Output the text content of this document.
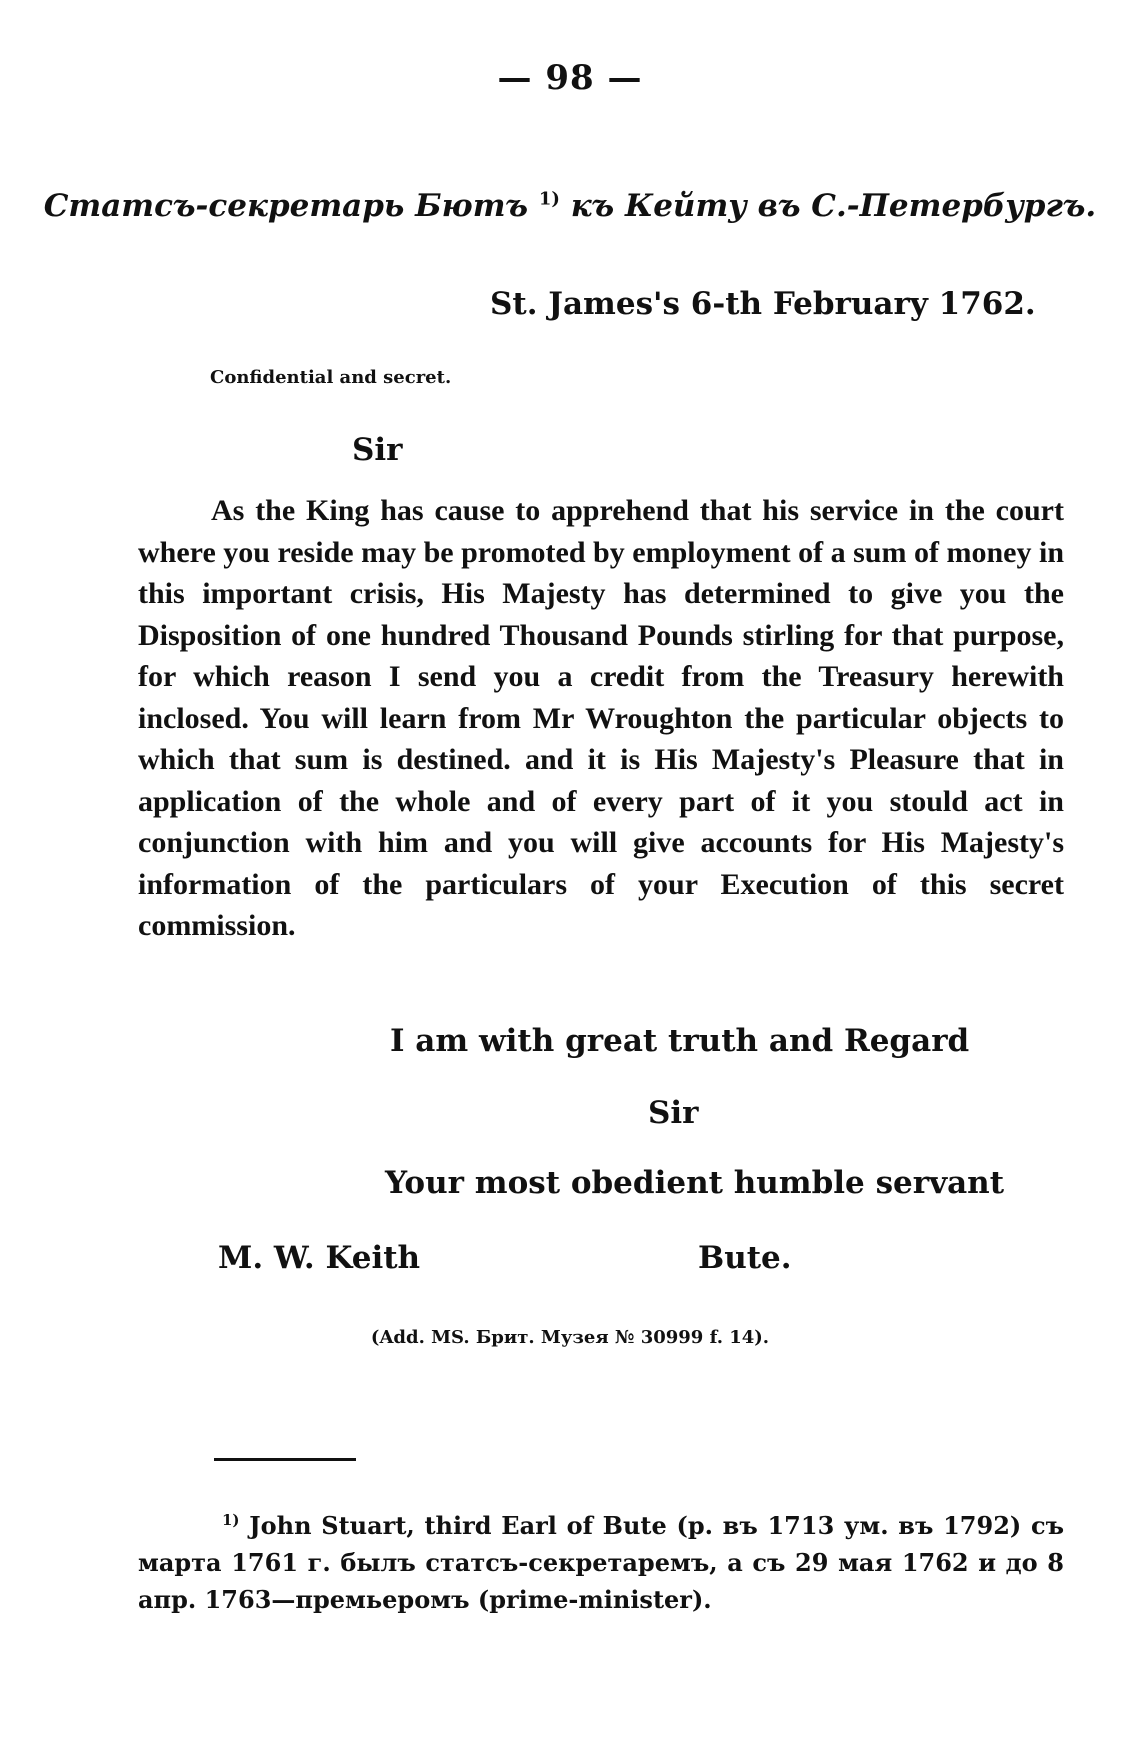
— 98 —
Статсъ-секретарь Бютъ $^{1)}$ къ Кейту въ С.-Петербургъ.
St. James's 6-th February 1762.
Confidential and secret.
Sir

As the King has cause to apprehend that his service in the court where you reside may be promoted by employment of a sum of money in this important crisis, His Majesty has determined to give you the Disposition of one hundred Thousand Pounds stirling for that purpose, for which reason I send you a credit from the Treasury herewith inclosed. You will learn from Mr Wroughton the particular objects to which that sum is destined. and it is His Majesty's Pleasure that in application of the whole and of every part of it you stould act in conjunction with him and you will give accounts for His Majesty's information of the particulars of your Execution of this secret commission.

I am with great truth and Regard
Sir
Your most obedient humble servant
M. W. Keith	Bute.
(Add. MS. Брит. Музея № 30999 f. 14).

$^{1)}$ John Stuart, third Earl of Bute (р. въ 1713 ум. въ 1792) съ марта 1761 г. былъ статсъ-секретаремъ, а съ 29 мая 1762 и до 8 апр. 1763—премьеромъ (prime-minister).
